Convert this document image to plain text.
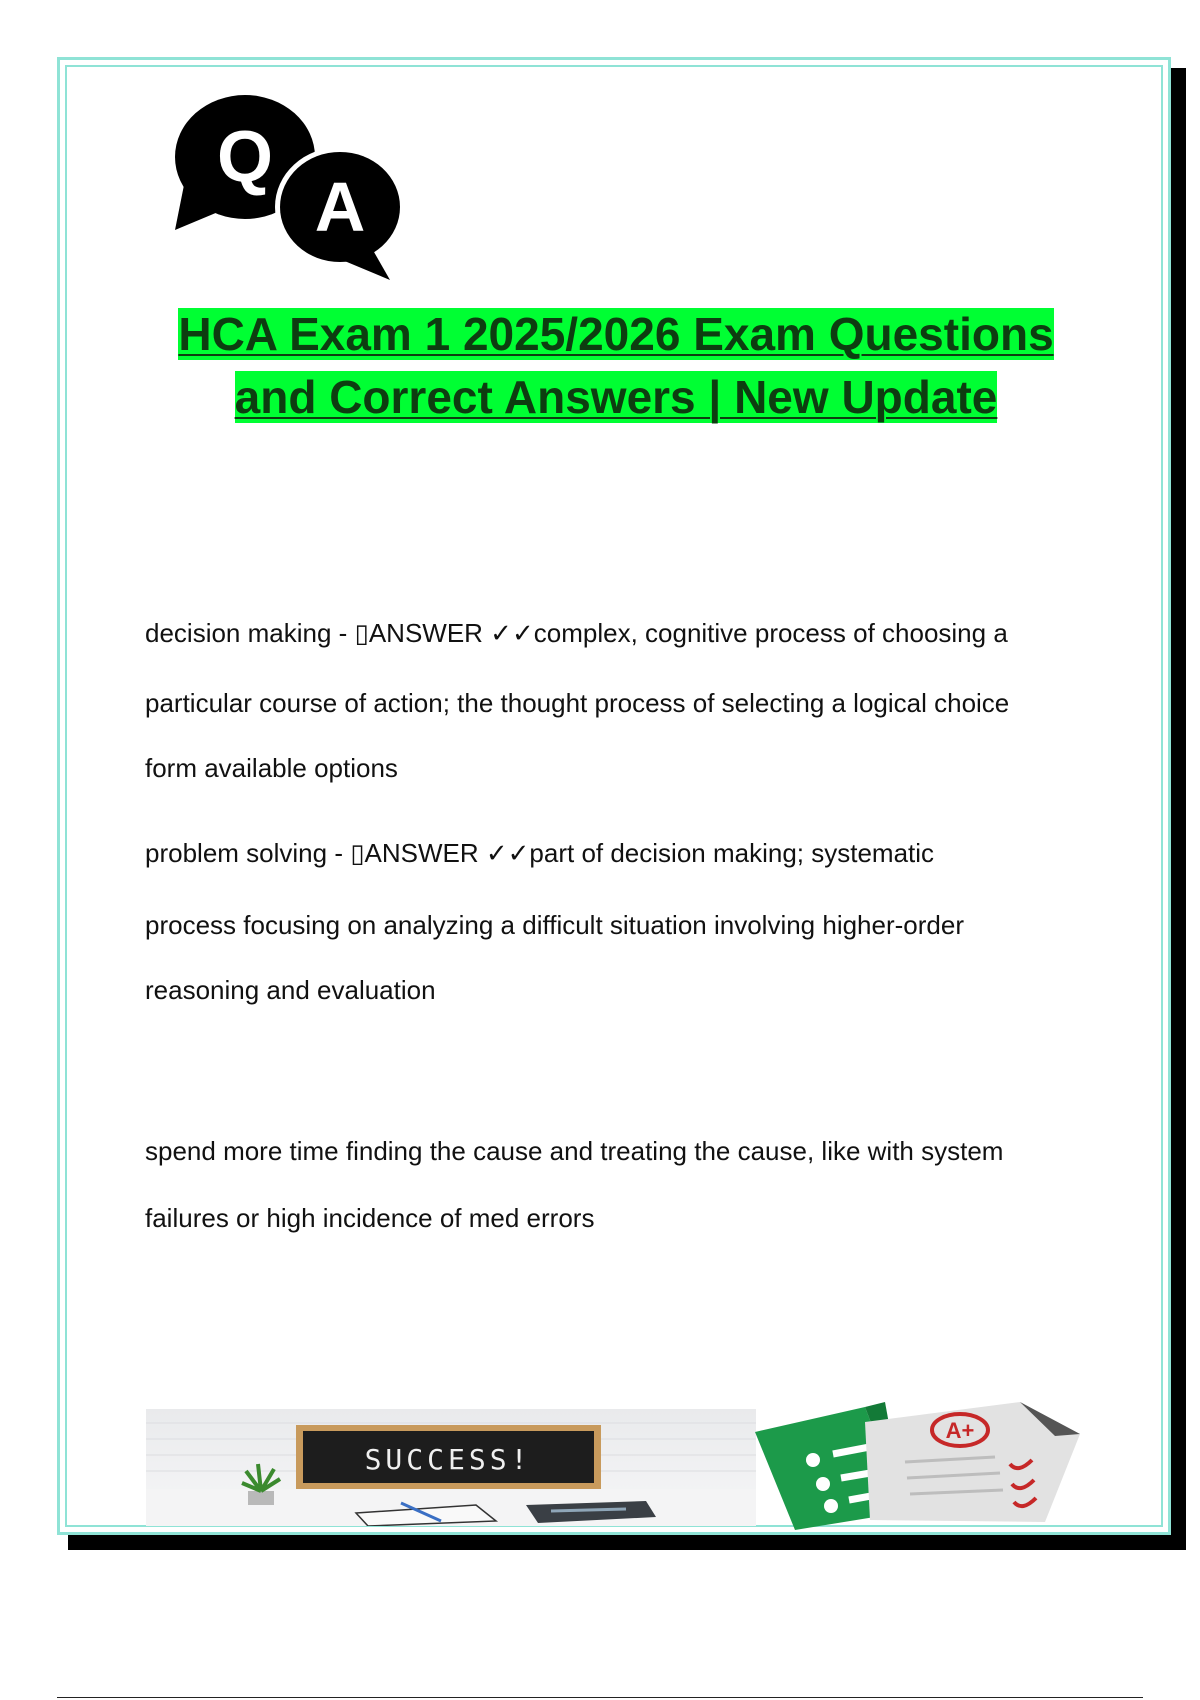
Q
A
HCA Exam 1 2025/2026 Exam Questions
and Correct Answers | New Update

decision making - ▯ANSWER ✓✓complex, cognitive process of choosing a

particular course of action; the thought process of selecting a logical choice

form available options

problem solving - ▯ANSWER ✓✓part of decision making; systematic

process focusing on analyzing a difficult situation involving higher-order

reasoning and evaluation

spend more time finding the cause and treating the cause, like with system

failures or high incidence of med errors

SUCCESS!
A+
